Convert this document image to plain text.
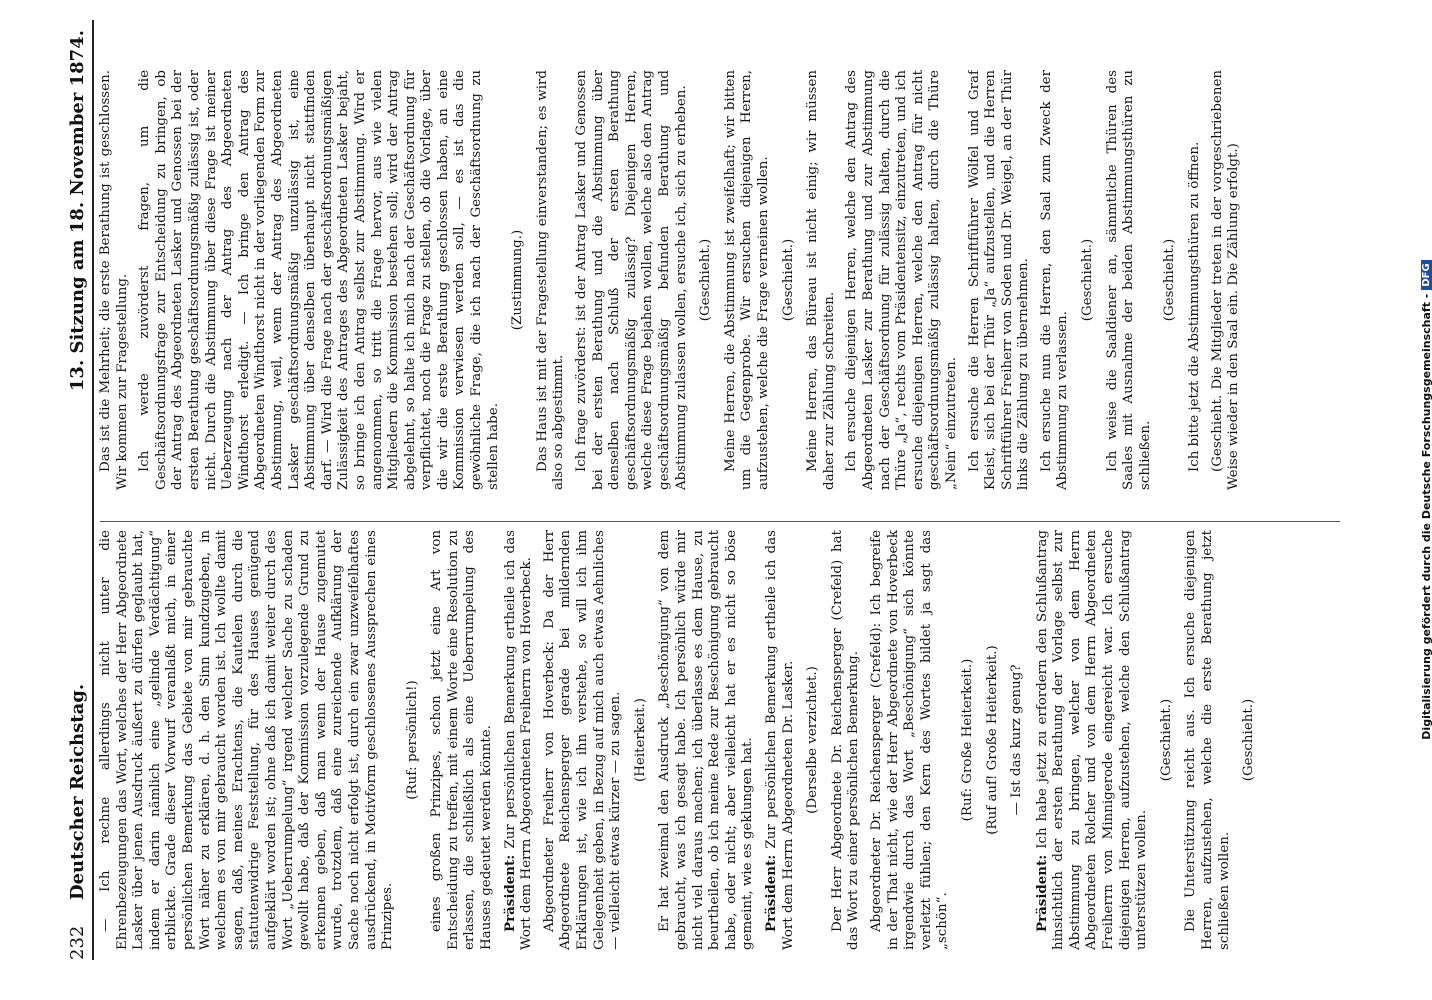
232
Deutscher Reichstag.
13. Sitzung am 18. November 1874.

— Ich rechne allerdings nicht unter die Ehrenbezeugungen das Wort, welches der Herr Abgeordnete Lasker über jenen Ausdruck äußert zu dürfen geglaubt hat, indem er darin nämlich eine „gelinde Verdächtigung“ erblickte. Grade dieser Vorwurf veranlaßt mich, in einer persönlichen Bemerkung das Gebiete von mir gebrauchte Wort näher zu erklären, d. h. den Sinn kundzugeben, in welchem es von mir gebraucht worden ist. Ich wollte damit sagen, daß, meines Erachtens, die Kautelen durch die statutenwidrige Feststellung, für des Hauses genügend aufgeklärt worden ist; ohne daß ich damit weiter durch des Wort „Ueberrumpelung“ irgend welcher Sache zu schaden gewollt habe, daß der Kommission vorzulegende Grund zu erkennen geben, daß man wenn der Hause zugemutet wurde, trotzdem, daß eine zureichende Aufklärung der Sache noch nicht erfolgt ist, durch ein zwar unzweifelhaftes ausdrückend, in Motivform geschlossenes Aussprechen eines Prinzipes.

(Ruf: persönlich!) eines großen Prinzipes, schon jetzt eine Art von Entscheidung zu treffen, mit einem Worte eine Resolution zu erlassen, die schließlich als eine Ueberrumpelung des Hauses gedeutet werden könnte. Präsident: Zur persönlichen Bemerkung ertheile ich das Wort dem Herrn Abgeordneten Freiherrn von Hoverbeck. Abgeordneter Freiherr von Hoverbeck: Da der Herr Abgeordnete Reichensperger gerade bei mildernden Erklärungen ist, wie ich ihn verstehe, so will ich ihm Gelegenheit geben, in Bezug auf mich auch etwas Aehnliches — vielleicht etwas kürzer — zu sagen. (Heiterkeit.) Er hat zweimal den Ausdruck „Beschönigung“ von dem gebraucht, was ich gesagt habe. Ich persönlich würde mir nicht viel daraus machen; ich überlasse es dem Hause, zu beurtheilen, ob ich meine Rede zur Beschönigung gebraucht habe, oder nicht; aber vielleicht hat er es nicht so böse gemeint, wie es geklungen hat. Präsident: Zur persönlichen Bemerkung ertheile ich das Wort dem Herrn Abgeordneten Dr. Lasker. (Derselbe verzichtet.) Der Herr Abgeordnete Dr. Reichensperger (Crefeld) hat das Wort zu einer persönlichen Bemerkung. Abgeordneter Dr. Reichensperger (Crefeld): Ich begreife in der That nicht, wie der Herr Abgeordnete von Hoverbeck irgendwie durch das Wort „Beschönigung“ sich könnte verletzt fühlen; den Kern des Wortes bildet ja sagt das „schön“.

(Ruf: Große Heiterkeit.) (Ruf auf! Große Heiterkeit.) — Ist das kurz genug?

Präsident: Ich habe jetzt zu erfordern den Schlußantrag hinsichtlich der ersten Berathung der Vorlage selbst zur Abstimmung zu bringen, welcher von dem Herrn Abgeordneten Rolcher und von dem Herrn Abgeordneten Freiherrn von Minnigerode eingereicht war. Ich ersuche diejenigen Herren, aufzustehen, welche den Schlußantrag unterstützen wollen.

(Geschieht.) Die Unterstützung reicht aus. Ich ersuche diejenigen Herren, aufzustehen, welche die erste Berathung jetzt schließen wollen.

(Geschieht.)

Das ist die Mehrheit; die erste Berathung ist geschlossen. Wir kommen zur Fragestellung. Ich werde zuvörderst fragen, um die Geschäftsordnungsfrage zur Entscheidung zu bringen, ob der Antrag des Abgeordneten Lasker und Genossen bei der ersten Berathung geschäftsordnungsmäßig zulässig ist, oder nicht. Durch die Abstimmung über diese Frage ist meiner Ueberzeugung nach der Antrag des Abgeordneten Windthorst erledigt. — Ich bringe den Antrag des Abgeordneten Windthorst nicht in der vorliegenden Form zur Abstimmung, weil, wenn der Antrag des Abgeordneten Lasker geschäftsordnungsmäßig unzulässig ist, eine Abstimmung über denselben überhaupt nicht stattfinden darf. — Wird die Frage nach der geschäftsordnungsmäßigen Zulässigkeit des Antrages des Abgeordneten Lasker bejaht, so bringe ich den Antrag selbst zur Abstimmung. Wird er angenommen, so tritt die Frage hervor, aus wie vielen Mitgliedern die Kommission bestehen soll; wird der Antrag abgelehnt, so halte ich mich nach der Geschäftsordnung für verpflichtet, noch die Frage zu stellen, ob die Vorlage, über die wir die erste Berathung geschlossen haben, an eine Kommission verwiesen werden soll, — es ist das die gewöhnliche Frage, die ich nach der Geschäftsordnung zu stellen habe.

(Zustimmung.) Das Haus ist mit der Fragestellung einverstanden; es wird also so abgestimmt. Ich frage zuvörderst: ist der Antrag Lasker und Genossen bei der ersten Berathung und die Abstimmung über denselben nach Schluß der ersten Berathung geschäftsordnungsmäßig zulässig? Diejenigen Herren, welche diese Frage bejahen wollen, welche also den Antrag geschäftsordnungsmäßig befunden Berathung und Abstimmung zulassen wollen, ersuche ich, sich zu erheben. (Geschieht.) Meine Herren, die Abstimmung ist zweifelhaft; wir bitten um die Gegenprobe. Wir ersuchen diejenigen Herren, aufzustehen, welche die Frage verneinen wollen. (Geschieht.) Meine Herren, das Büreau ist nicht einig; wir müssen daher zur Zählung schreiten. Ich ersuche diejenigen Herren, welche den Antrag des Abgeordneten Lasker zur Berathung und zur Abstimmung nach der Geschäftsordnung für zulässig halten, durch die Thüre „Ja“, rechts vom Präsidentensitz, einzutreten, und ich ersuche diejenigen Herren, welche den Antrag für nicht geschäftsordnungsmäßig zulässig halten, durch die Thüre „Nein“ einzutreten. Ich ersuche die Herren Schriftführer Wölfel und Graf Kleist, sich bei der Thür „Ja“ aufzustellen, und die Herren Schriftführer Freiherr von Soden und Dr. Weigel, an der Thür links die Zählung zu übernehmen. Ich ersuche nun die Herren, den Saal zum Zweck der Abstimmung zu verlassen.

(Geschieht.) Ich weise die Saaldiener an, sämmtliche Thüren des Saales mit Ausnahme der beiden Abstimmungsthüren zu schließen.

(Geschieht.) Ich bitte jetzt die Abstimmungsthüren zu öffnen. (Geschieht. Die Mitglieder treten in der vorgeschriebenen Weise wieder in den Saal ein. Die Zählung erfolgt.)	Digitalisierung gefördert durch die Deutsche Forschungsgemeinschaft -
DFG
